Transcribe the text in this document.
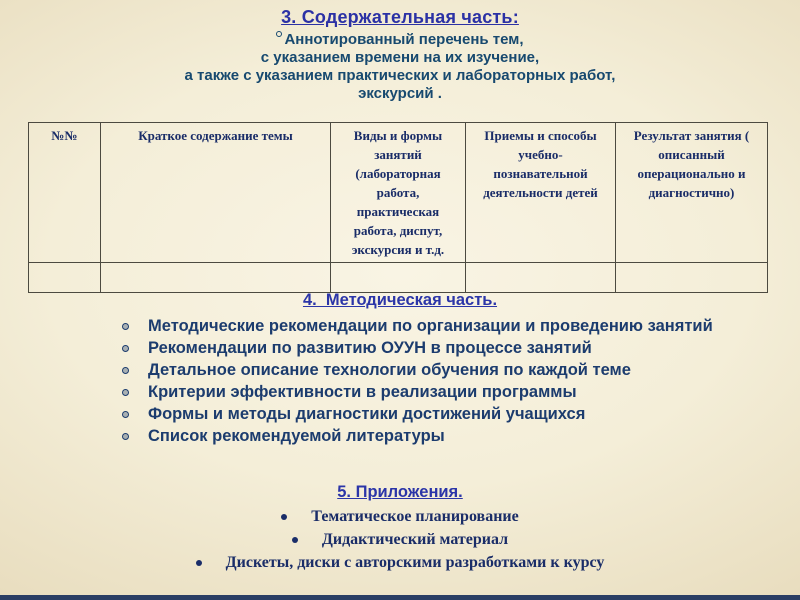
3. Содержательная часть:
Аннотированный перечень тем,
с указанием времени на их изучение,
а также с указанием практических и лабораторных работ,
экскурсий .
№№	Краткое содержание темы	Виды и формы занятий (лабораторная работа, практическая работа, диспут, экскурсия и т.д.	Приемы и способы учебно-познавательной деятельности детей	Результат занятия ( описанный операционально и диагностично)

4.  Методическая часть.
Методические рекомендации по организации и проведению занятий
Рекомендации по развитию ОУУН в процессе занятий
Детальное описание технологии обучения по каждой теме
Критерии эффективности в реализации программы
Формы и методы диагностики достижений учащихся
Список рекомендуемой литературы
5. Приложения.
Тематическое планирование
Дидактический материал
Дискеты, диски с авторскими разработками к курсу
